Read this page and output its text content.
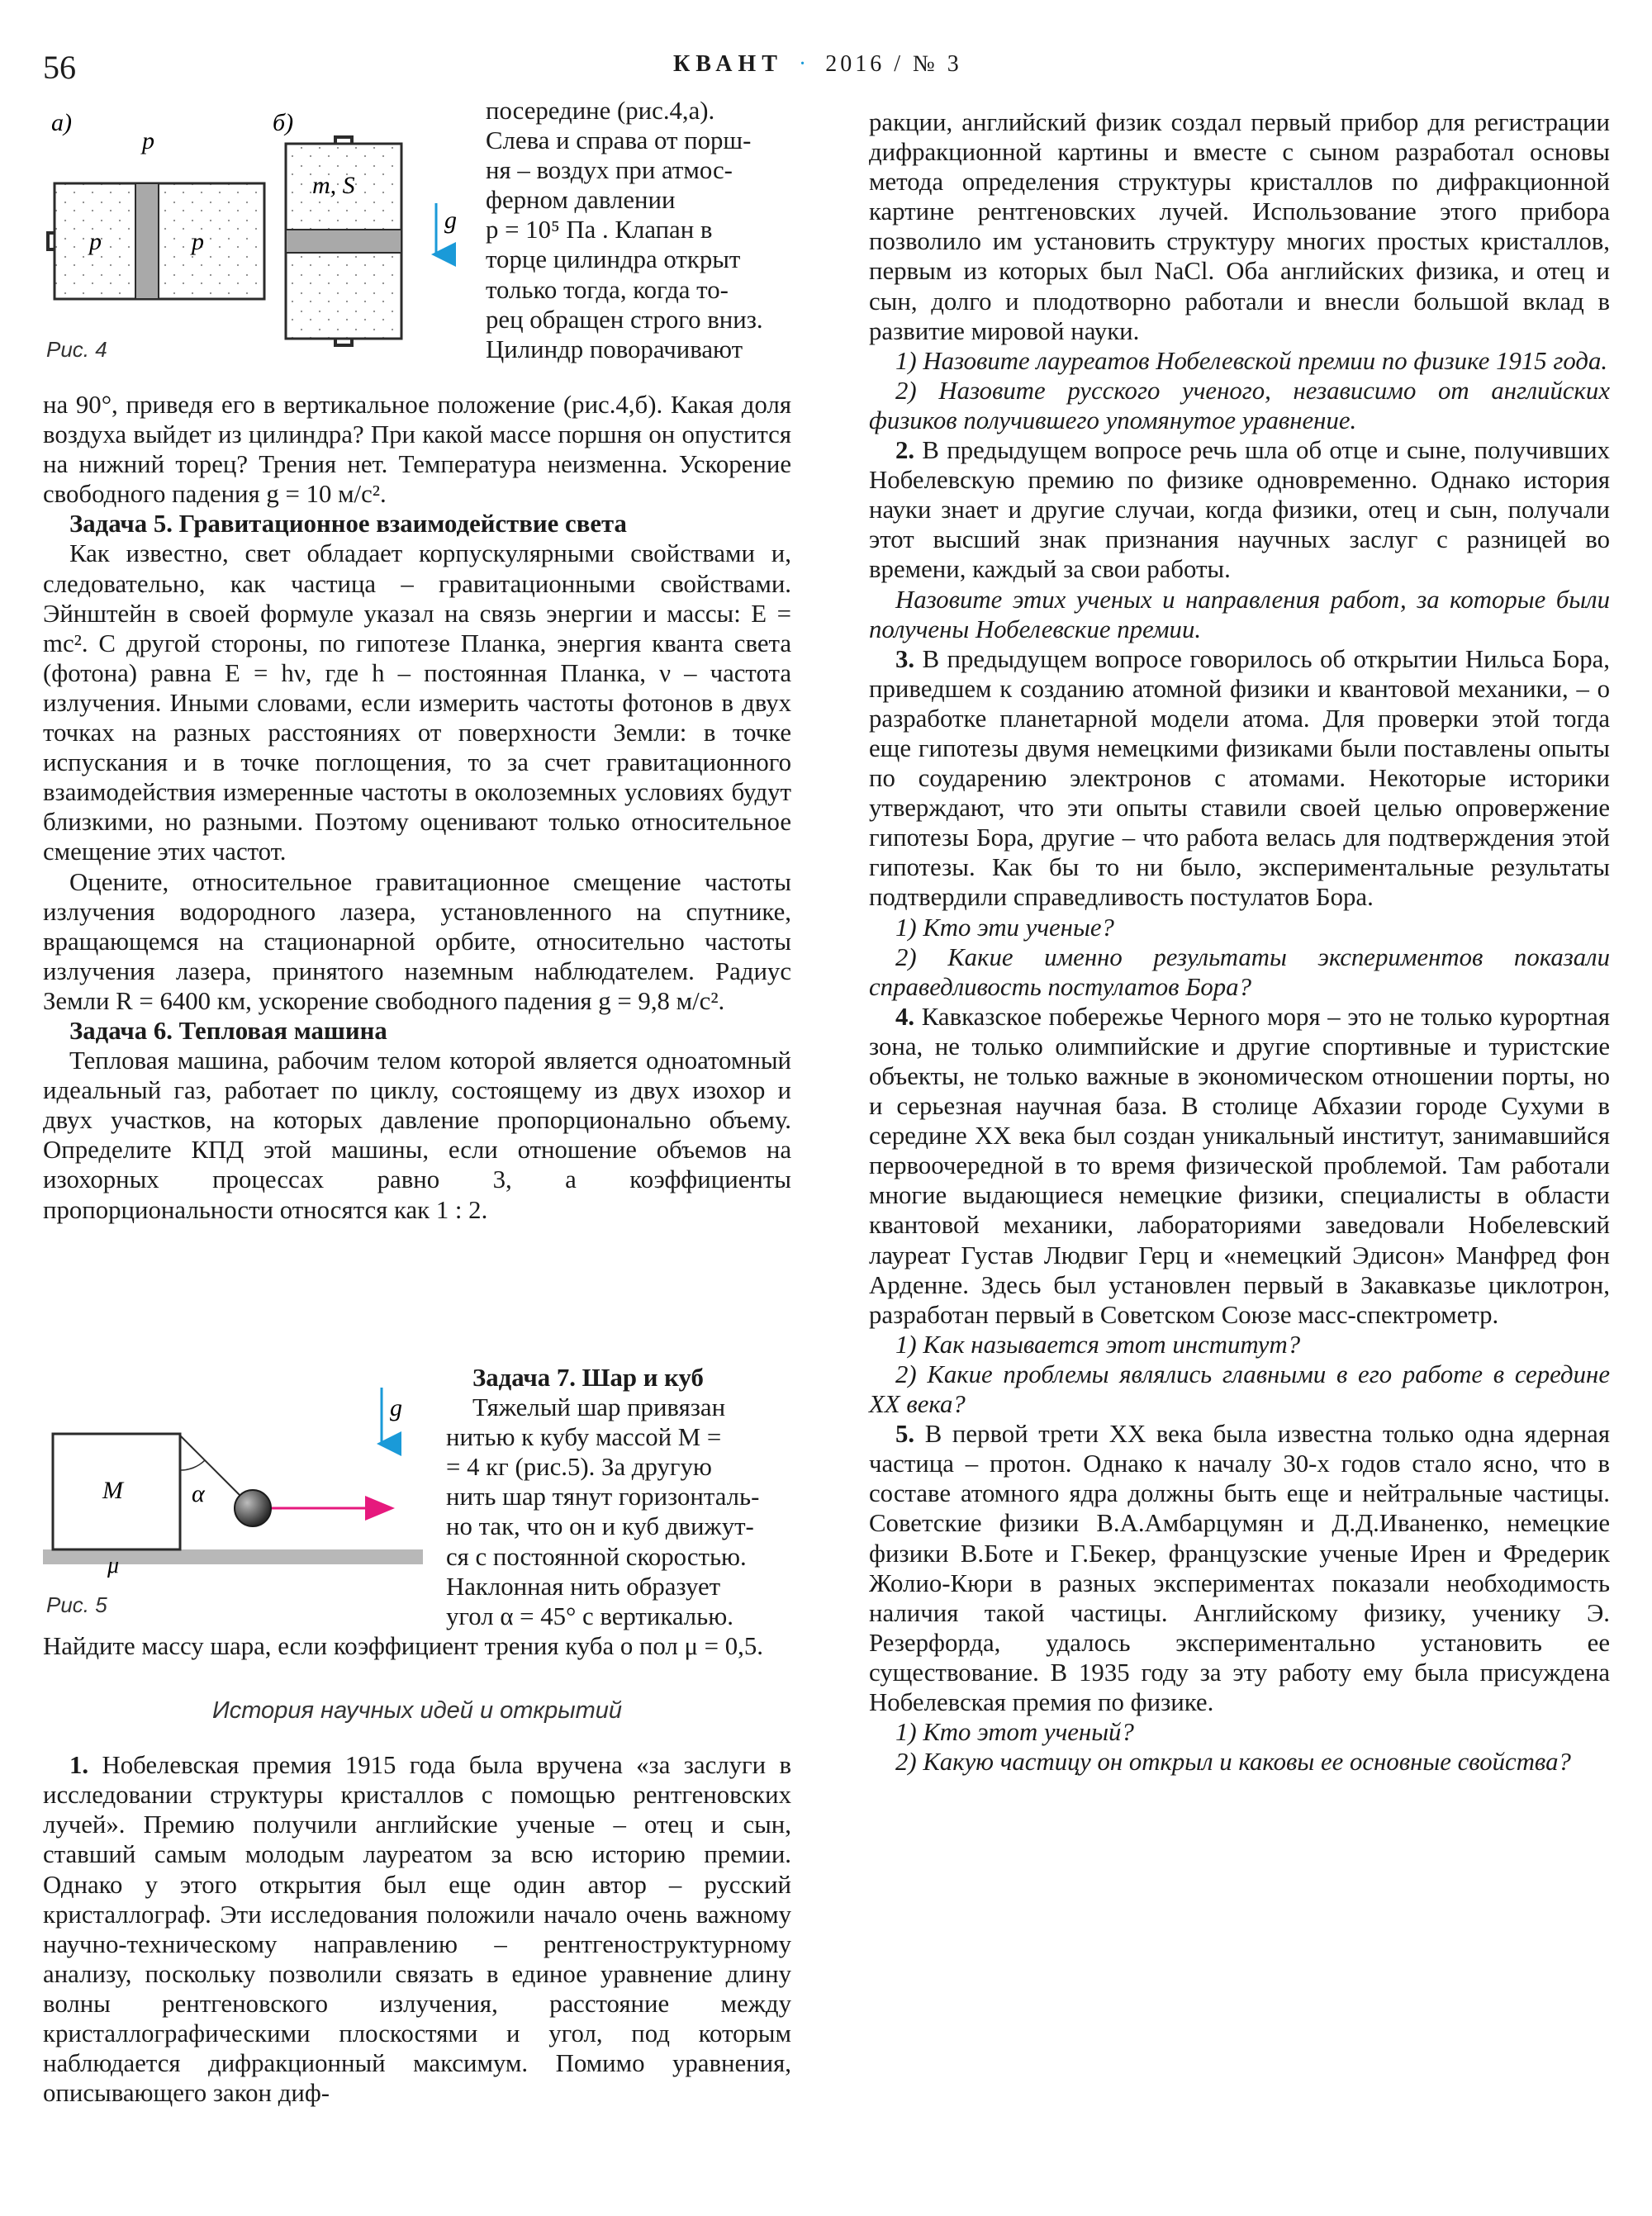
56	КВАНТ · 2016 / № 3
а)
p
p	p
б)
m, S
g
Рис. 4
посередине (рис.4,а).
Слева и справа от порш-
ня – воздух при атмос-
ферном давлении
p = 10⁵ Па . Клапан в
торце цилиндра открыт
только тогда, когда то-
рец обращен строго вниз.
Цилиндр поворачивают

на 90°, приведя его в вертикальное положение (рис.4,б). Какая доля воздуха выйдет из цилиндра? При какой массе поршня он опустится на нижний торец? Трения нет. Температура неизменна. Ускорение свободного падения g = 10 м/с².

Задача 5. Гравитационное взаимодействие света

Как известно, свет обладает корпускулярными свойствами и, следовательно, как частица – гравитационными свойствами. Эйнштейн в своей формуле указал на связь энергии и массы: E = mc². С другой стороны, по гипотезе Планка, энергия кванта света (фотона) равна E = hν, где h – постоянная Планка, ν – частота излучения. Иными словами, если измерить частоты фотонов в двух точках на разных расстояниях от поверхности Земли: в точке испускания и в точке поглощения, то за счет гравитационного взаимодействия измеренные частоты в околоземных условиях будут близкими, но разными. Поэтому оценивают только относительное смещение этих частот.

Оцените, относительное гравитационное смещение частоты излучения водородного лазера, установленного на спутнике, вращающемся на стационарной орбите, относительно частоты излучения лазера, принятого наземным наблюдателем. Радиус Земли R = 6400 км, ускорение свободного падения g = 9,8 м/с².

Задача 6. Тепловая машина

Тепловая машина, рабочим телом которой является одноатомный идеальный газ, работает по циклу, состоящему из двух изохор и двух участков, на которых давление пропорционально объему. Определите КПД этой машины, если отношение объемов на изохорных процессах равно 3, а коэффициенты пропорциональности относятся как 1 : 2.

M	α
g
μ
Рис. 5
Задача 7. Шар и куб
Тяжелый шар привязан
нитью к кубу массой M =
= 4 кг (рис.5). За другую
нить шар тянут горизонталь-
но так, что он и куб движут-
ся с постоянной скоростью.
Наклонная нить образует
угол α = 45° с вертикалью.

Найдите массу шара, если коэффициент трения куба о пол μ = 0,5.

История научных идей и открытий

1. Нобелевская премия 1915 года была вручена «за заслуги в исследовании структуры кристаллов с помощью рентгеновских лучей». Премию получили английские ученые – отец и сын, ставший самым молодым лауреатом за всю историю премии. Однако у этого открытия был еще один автор – русский кристаллограф. Эти исследования положили начало очень важному научно-техническому направлению – рентгеноструктурному анализу, поскольку позволили связать в единое уравнение длину волны рентгеновского излучения, расстояние между кристаллографическими плоскостями и угол, под которым наблюдается дифракционный максимум. Помимо уравнения, описывающего закон диф-

ракции, английский физик создал первый прибор для регистрации дифракционной картины и вместе с сыном разработал основы метода определения структуры кристаллов по дифракционной картине рентгеновских лучей. Использование этого прибора позволило им установить структуру многих простых кристаллов, первым из которых был NaCl. Оба английских физика, и отец и сын, долго и плодотворно работали и внесли большой вклад в развитие мировой науки.

1) Назовите лауреатов Нобелевской премии по физике 1915 года.

2) Назовите русского ученого, независимо от английских физиков получившего упомянутое уравнение.

2. В предыдущем вопросе речь шла об отце и сыне, получивших Нобелевскую премию по физике одновременно. Однако история науки знает и другие случаи, когда физики, отец и сын, получали этот высший знак признания научных заслуг с разницей во времени, каждый за свои работы.

Назовите этих ученых и направления работ, за которые были получены Нобелевские премии.

3. В предыдущем вопросе говорилось об открытии Нильса Бора, приведшем к созданию атомной физики и квантовой механики, – о разработке планетарной модели атома. Для проверки этой тогда еще гипотезы двумя немецкими физиками были поставлены опыты по соударению электронов с атомами. Некоторые историки утверждают, что эти опыты ставили своей целью опровержение гипотезы Бора, другие – что работа велась для подтверждения этой гипотезы. Как бы то ни было, экспериментальные результаты подтвердили справедливость постулатов Бора.

1) Кто эти ученые?

2) Какие именно результаты экспериментов показали справедливость постулатов Бора?

4. Кавказское побережье Черного моря – это не только курортная зона, не только олимпийские и другие спортивные и туристские объекты, не только важные в экономическом отношении порты, но и серьезная научная база. В столице Абхазии городе Сухуми в середине XX века был создан уникальный институт, занимавшийся первоочередной в то время физической проблемой. Там работали многие выдающиеся немецкие физики, специалисты в области квантовой механики, лабораториями заведовали Нобелевский лауреат Густав Людвиг Герц и «немецкий Эдисон» Манфред фон Арденне. Здесь был установлен первый в Закавказье циклотрон, разработан первый в Советском Союзе масс-спектрометр.

1) Как называется этот институт?

2) Какие проблемы являлись главными в его работе в середине XX века?

5. В первой трети XX века была известна только одна ядерная частица – протон. Однако к началу 30-х годов стало ясно, что в составе атомного ядра должны быть еще и нейтральные частицы. Советские физики В.А.Амбарцумян и Д.Д.Иваненко, немецкие физики В.Боте и Г.Бекер, французские ученые Ирен и Фредерик Жолио-Кюри в разных экспериментах показали необходимость наличия такой частицы. Английскому физику, ученику Э. Резерфорда, удалось экспериментально установить ее существование. В 1935 году за эту работу ему была присуждена Нобелевская премия по физике.

1) Кто этот ученый?

2) Какую частицу он открыл и каковы ее основные свойства?
